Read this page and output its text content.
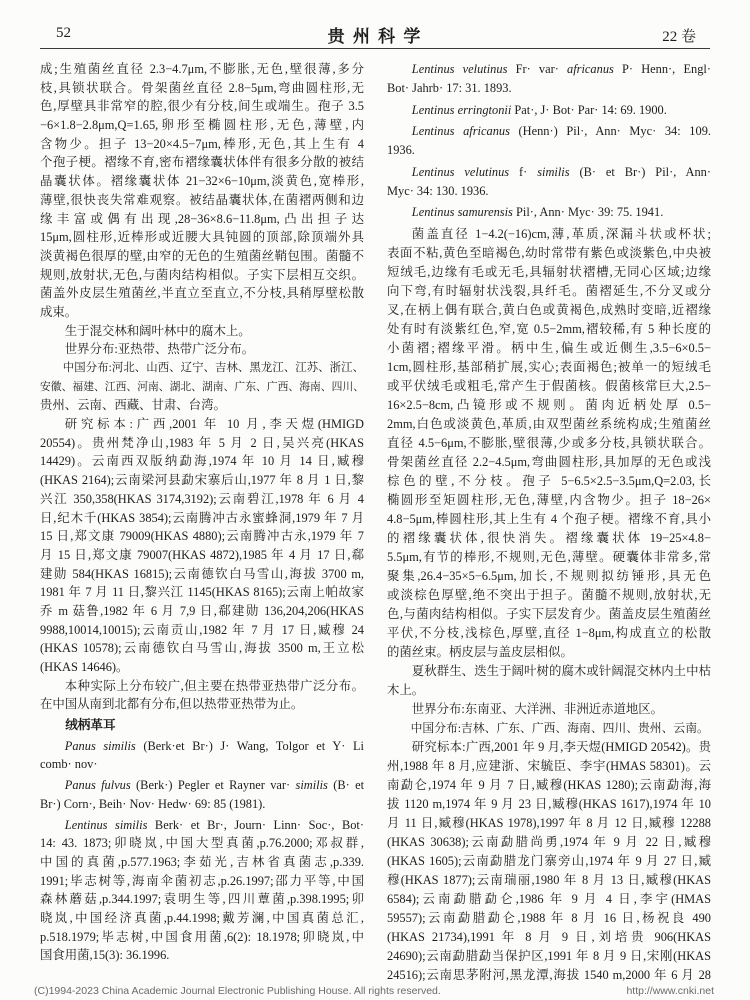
52	贵 州 科 学	22 卷
成;生殖菌丝直径 2.3−4.7μm,不膨胀,无色,壁很薄,多分
枝,具锁状联合。骨架菌丝直径 2.8−5μm,弯曲圆柱形,无
色,厚壁具非常窄的腔,很少有分枝,间生或端生。孢子 3.5
−6×1.8−2.8μm,Q=1.65,卵形至椭圆柱形,无色,薄壁,内
含物少。担子 13−20×4.5−7μm,棒形,无色,其上生有 4
个孢子梗。褶缘不育,密布褶缘囊状体伴有很多分散的被结
晶囊状体。褶缘囊状体 21−32×6−10μm,淡黄色,宽棒形,
薄壁,很快丧失常难观察。被结晶囊状体,在菌褶两侧和边
缘丰富或偶有出现,28−36×8.6−11.8μm,凸出担子达
15μm,圆柱形,近棒形或近腰大具钝圆的顶部,除顶端外具
淡黄褐色很厚的壁,由窄的无色的生殖菌丝鞘包围。菌髓不
规则,放射状,无色,与菌肉结构相似。子实下层相互交织。
菌盖外皮层生殖菌丝,半直立至直立,不分枝,具稍厚壁松散
成束。
生于混交林和阔叶林中的腐木上。
世界分布:亚热带、热带广泛分布。
中国分布:河北、山西、辽宁、吉林、黑龙江、江苏、浙江、
安徽、福建、江西、河南、湖北、湖南、广东、广西、海南、四川、
贵州、云南、西藏、甘肃、台湾。
研究标本:广西,2001 年 10 月,李天煜(HMIGD
20554)。贵州梵净山,1983 年 5 月 2 日,吴兴亮(HKAS
14429)。云南西双版纳勐海,1974 年 10 月 14 日,臧穆
(HKAS 2164);云南梁河县勐宋寨后山,1977 年 8 月 1 日,黎
兴江 350,358(HKAS 3174,3192);云南碧江,1978 年 6 月 4
日,纪木千(HKAS 3854);云南腾冲古永蜜蜂洞,1979 年 7 月
15 日,郑文康 79009(HKAS 4880);云南腾冲古永,1979 年 7
月 15 日,郑文康 79007(HKAS 4872),1985 年 4 月 17 日,郗
建勋 584(HKAS 16815);云南德钦白马雪山,海拔 3700 m,
1981 年 7 月 11 日,黎兴江 1145(HKAS 8165);云南上帕故家
乔 m 菇鲁,1982 年 6 月 7,9 日,郗建勋 136,204,206(HKAS
9988,10014,10015);云南贡山,1982 年 7 月 17 日,臧穆 24
(HKAS 10578);云南德钦白马雪山,海拔 3500 m,王立松
(HKAS 14646)。
本种实际上分布较广,但主要在热带亚热带广泛分布。
在中国从南到北都有分布,但以热带亚热带为止。
绒柄革耳
Panus similis (Berk·et Br·) J· Wang, Tolgor et Y· Li
comb· nov·
Panus fulvus (Berk·) Pegler et Rayner var· similis (B· et
Br·) Corn·, Beih· Nov· Hedw· 69: 85 (1981).
Lentinus similis Berk· et Br·, Journ· Linn· Soc·, Bot·
14: 43. 1873;卯晓岚,中国大型真菌,p.76.2000;邓叔群,
中国的真菌,p.577.1963;李茹光,吉林省真菌志,p.339.
1991;毕志树等,海南伞菌初志,p.26.1997;邵力平等,中国
森林蘑菇,p.344.1997;袁明生等,四川蕈菌,p.398.1995;卯
晓岚,中国经济真菌,p.44.1998;戴芳澜,中国真菌总汇,
p.518.1979;毕志树,中国食用菌,6(2): 18.1978;卯晓岚,中
国食用菌,15(3): 36.1996.
Lentinus velutinus Fr· var· africanus P· Henn·, Engl·
Bot· Jahrb· 17: 31. 1893.
Lentinus erringtonii Pat·, J· Bot· Par· 14: 69. 1900.
Lentinus africanus (Henn·) Pil·, Ann· Myc· 34: 109.
1936.
Lentinus velutinus f· similis (B· et Br·) Pil·, Ann·
Myc· 34: 130. 1936.
Lentinus samurensis Pil·, Ann· Myc· 39: 75. 1941.
菌盖直径 1−4.2(−16)cm,薄,革质,深漏斗状或杯状;
表面不粘,黄色至暗褐色,幼时常带有紫色或淡紫色,中央被
短绒毛,边缘有毛或无毛,具辐射状褶槽,无同心区域;边缘
向下弯,有时辐射状浅裂,具纤毛。菌褶延生,不分叉或分
叉,在柄上偶有联合,黄白色或黄褐色,成熟时变暗,近褶缘
处有时有淡紫红色,窄,宽 0.5−2mm,褶较稀,有 5 种长度的
小菌褶;褶缘平滑。柄中生,偏生或近侧生,3.5−6×0.5−
1cm,圆柱形,基部稍扩展,实心;表面褐色;被单一的短绒毛
或平伏绒毛或粗毛,常产生于假菌核。假菌核常巨大,2.5−
16×2.5−8cm,凸镜形或不规则。菌肉近柄处厚 0.5−
2mm,白色或淡黄色,革质,由双型菌丝系统构成;生殖菌丝
直径 4.5−6μm,不膨胀,壁很薄,少或多分枝,具锁状联合。
骨架菌丝直径 2.2−4.5μm,弯曲圆柱形,具加厚的无色或浅
棕色的壁,不分枝。孢子 5−6.5×2.5−3.5μm,Q=2.03,长
椭圆形至矩圆柱形,无色,薄壁,内含物少。担子 18−26×
4.8−5μm,棒圆柱形,其上生有 4 个孢子梗。褶缘不育,具小
的褶缘囊状体,很快消失。褶缘囊状体 19−25×4.8−
5.5μm,有节的棒形,不规则,无色,薄壁。硬囊体非常多,常
聚集,26.4−35×5−6.5μm,加长,不规则拟纺锤形,具无色
或淡棕色厚壁,绝不突出于担子。菌髓不规则,放射状,无
色,与菌肉结构相似。子实下层发育少。菌盖皮层生殖菌丝
平伏,不分枝,浅棕色,厚壁,直径 1−8μm,构成直立的松散
的菌丝束。柄皮层与盖皮层相似。
夏秋群生、迭生于阔叶树的腐木或针阔混交林内土中枯
木上。
世界分布:东南亚、大洋洲、非洲近赤道地区。
中国分布:吉林、广东、广西、海南、四川、贵州、云南。
研究标本:广西,2001 年 9 月,李天煜(HMIGD 20542)。贵
州,1988 年 8 月,应建浙、宋毓臣、李宇(HMAS 58301)。云
南勐仑,1974 年 9 月 7 日,臧穆(HKAS 1280);云南勐海,海
拔 1120 m,1974 年 9 月 23 日,臧穆(HKAS 1617),1974 年 10
月 11 日,臧穆(HKAS 1978),1997 年 8 月 12 日,臧穆 12288
(HKAS 30638);云南勐腊尚勇,1974 年 9 月 22 日,臧穆
(HKAS 1605);云南勐腊龙门寨旁山,1974 年 9 月 27 日,臧
穆(HKAS 1877);云南瑞丽,1980 年 8 月 13 日,臧穆(HKAS
6584);云南勐腊勐仑,1986 年 9 月 4 日,李宇(HMAS
59557);云南勐腊勐仑,1988 年 8 月 16 日,杨祝良 490
(HKAS 21734),1991 年 8 月 9 日,刘培贵 906(HKAS
24690);云南勐腊勐当保护区,1991 年 8 月 9 日,宋刚(HKAS
24516);云南思茅附河,黑龙潭,海拔 1540 m,2000 年 6 月 28
(C)1994-2023 China Academic Journal Electronic Publishing House. All rights reserved.	http://www.cnki.net
